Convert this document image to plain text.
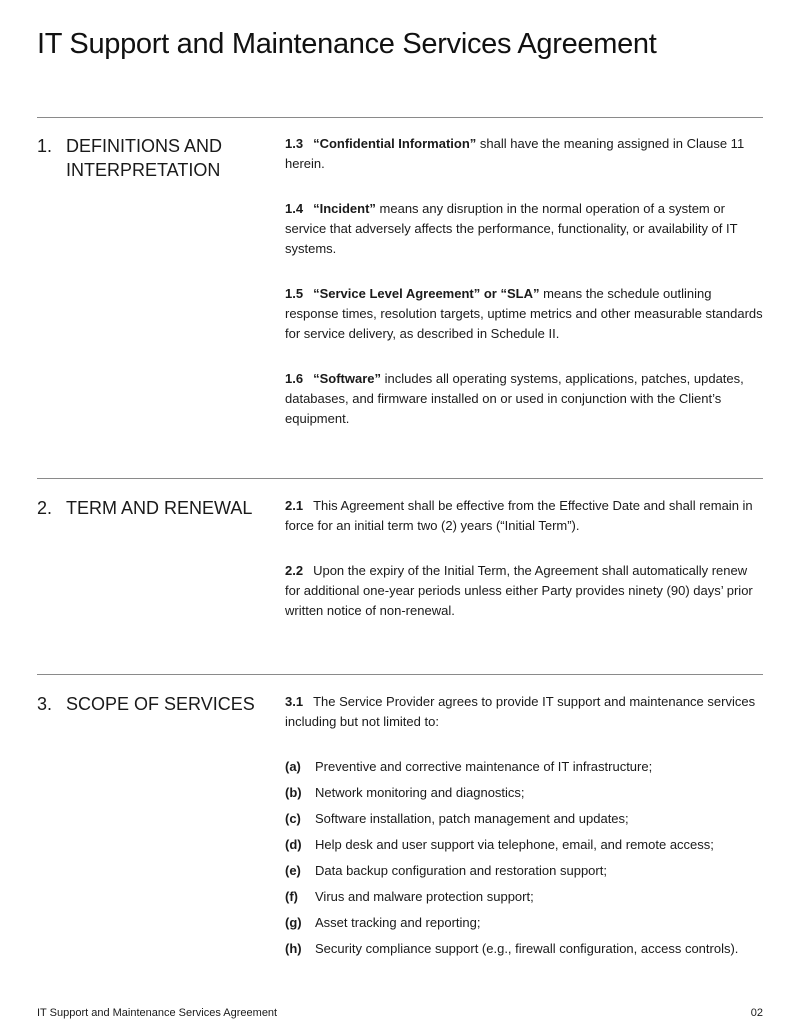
IT Support and Maintenance Services Agreement
1. DEFINITIONS AND INTERPRETATION

1.3 “Confidential Information” shall have the meaning assigned in Clause 11 herein.

1.4 “Incident” means any disruption in the normal operation of a system or service that adversely affects the performance, functionality, or availability of IT systems.

1.5 “Service Level Agreement” or “SLA” means the schedule outlining response times, resolution targets, uptime metrics and other measurable standards for service delivery, as described in Schedule II.

1.6 “Software” includes all operating systems, applications, patches, updates, databases, and firmware installed on or used in conjunction with the Client’s equipment.

2. TERM AND RENEWAL	2.1 This Agreement shall be effective from the Effective Date and shall remain in force for an initial term two (2) years (“Initial Term”).

2.2 Upon the expiry of the Initial Term, the Agreement shall automatically renew for additional one-year periods unless either Party provides ninety (90) days’ prior written notice of non-renewal.

3. SCOPE OF SERVICES	3.1 The Service Provider agrees to provide IT support and maintenance services including but not limited to:

(a)	Preventive and corrective maintenance of IT infrastructure;
(b)	Network monitoring and diagnostics;
(c)	Software installation, patch management and updates;
(d)	Help desk and user support via telephone, email, and remote access;
(e)	Data backup configuration and restoration support;
(f)	Virus and malware protection support;
(g)	Asset tracking and reporting;
(h)	Security compliance support (e.g., firewall configuration, access controls).
IT Support and Maintenance Services Agreement	02
